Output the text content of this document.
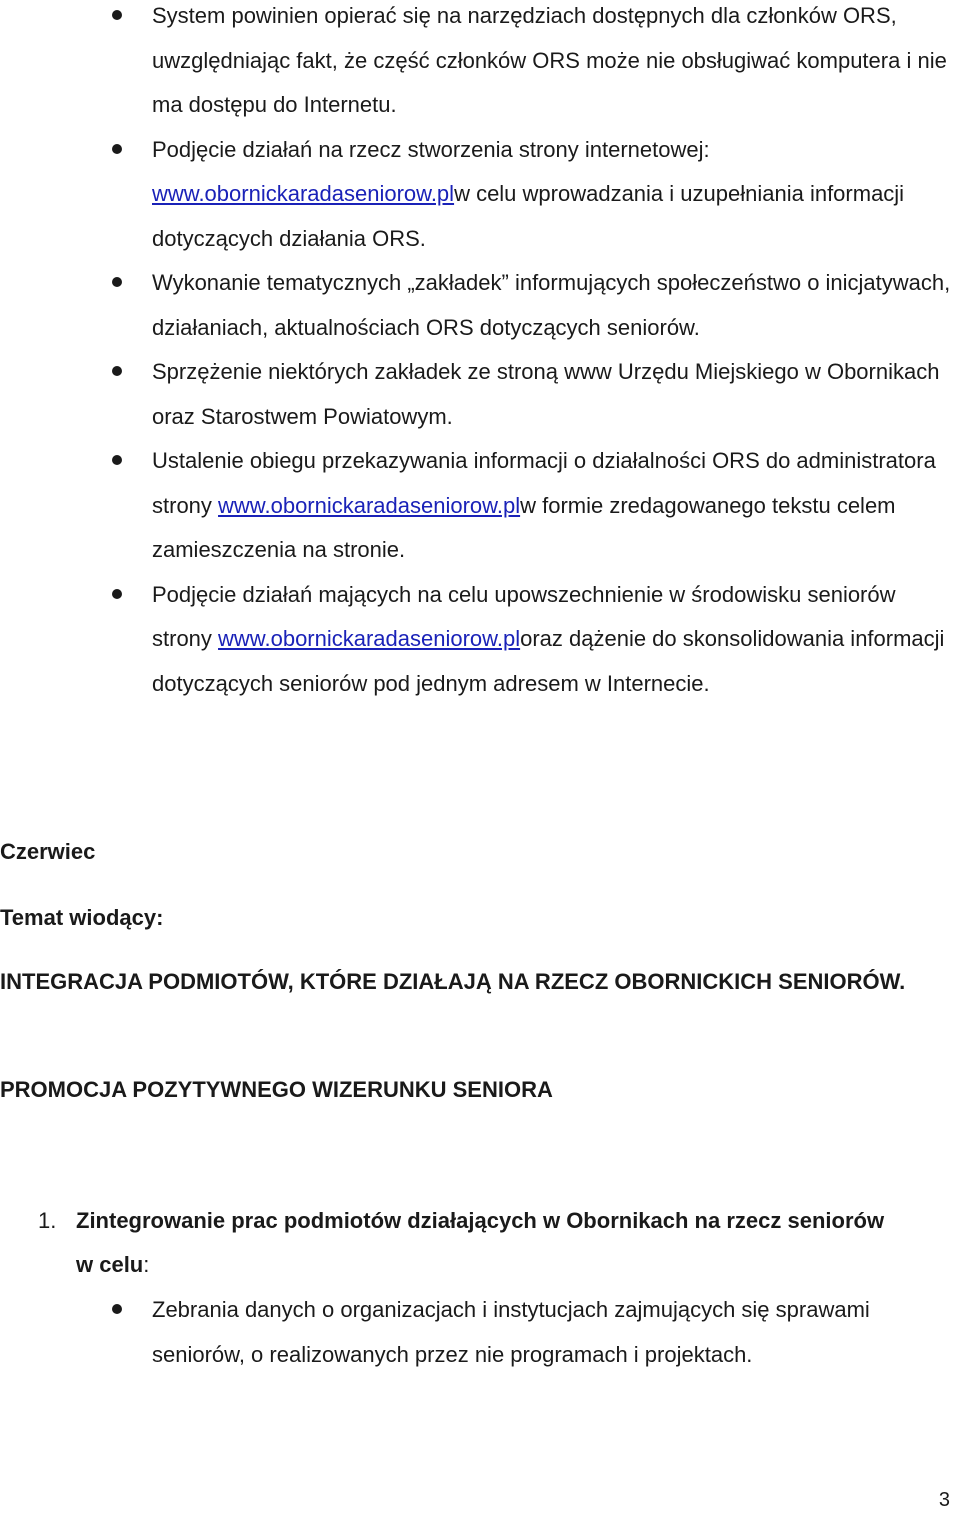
System powinien opierać się na narzędziach dostępnych dla członków ORS, uwzględniając fakt, że część członków ORS może nie obsługiwać komputera i nie ma dostępu do Internetu.
Podjęcie działań na rzecz stworzenia strony internetowej: www.obornickaradaseniorow.plw celu wprowadzania i uzupełniania informacji dotyczących działania ORS.
Wykonanie tematycznych „zakładek” informujących społeczeństwo o inicjatywach, działaniach, aktualnościach ORS dotyczących seniorów.
Sprzężenie niektórych zakładek ze stroną www Urzędu Miejskiego w Obornikach oraz Starostwem Powiatowym.
Ustalenie obiegu przekazywania informacji o działalności ORS do administratora strony www.obornickaradaseniorow.plw formie zredagowanego tekstu celem zamieszczenia na stronie.
Podjęcie działań mających na celu upowszechnienie w środowisku seniorów strony www.obornickaradaseniorow.ploraz dążenie do skonsolidowania informacji dotyczących seniorów pod jednym adresem w Internecie.

Czerwiec

Temat wiodący:

INTEGRACJA PODMIOTÓW, KTÓRE DZIAŁAJĄ NA RZECZ OBORNICKICH SENIORÓW.

PROMOCJA POZYTYWNEGO WIZERUNKU SENIORA

1. Zintegrowanie prac podmiotów działających w Obornikach na rzecz seniorów w celu:
Zebrania danych o organizacjach i instytucjach zajmujących się sprawami seniorów, o realizowanych przez nie programach i projektach.
3
